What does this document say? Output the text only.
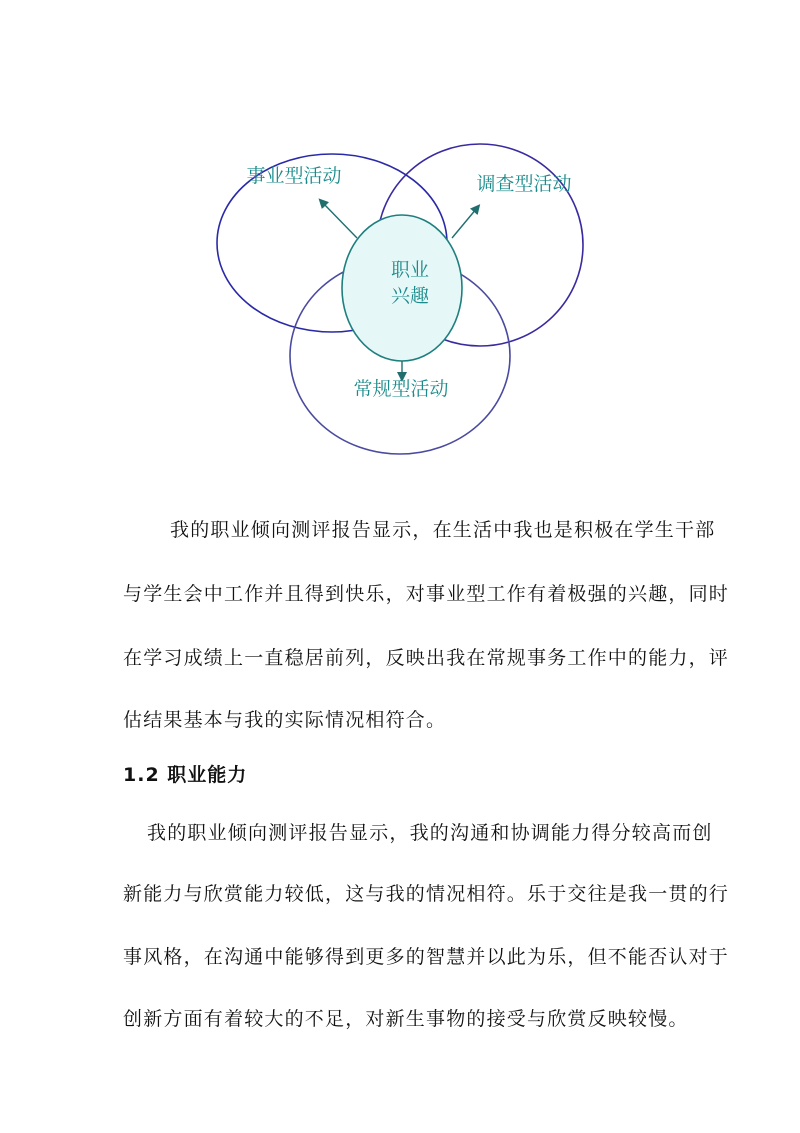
职业
兴趣
事业型活动	调查型活动
常规型活动
我的职业倾向测评报告显示，在生活中我也是积极在学生干部
与学生会中工作并且得到快乐，对事业型工作有着极强的兴趣，同时
在学习成绩上一直稳居前列，反映出我在常规事务工作中的能力，评
估结果基本与我的实际情况相符合。
1.2 职业能力
我的职业倾向测评报告显示，我的沟通和协调能力得分较高而创
新能力与欣赏能力较低，这与我的情况相符。乐于交往是我一贯的行
事风格，在沟通中能够得到更多的智慧并以此为乐，但不能否认对于
创新方面有着较大的不足，对新生事物的接受与欣赏反映较慢。
